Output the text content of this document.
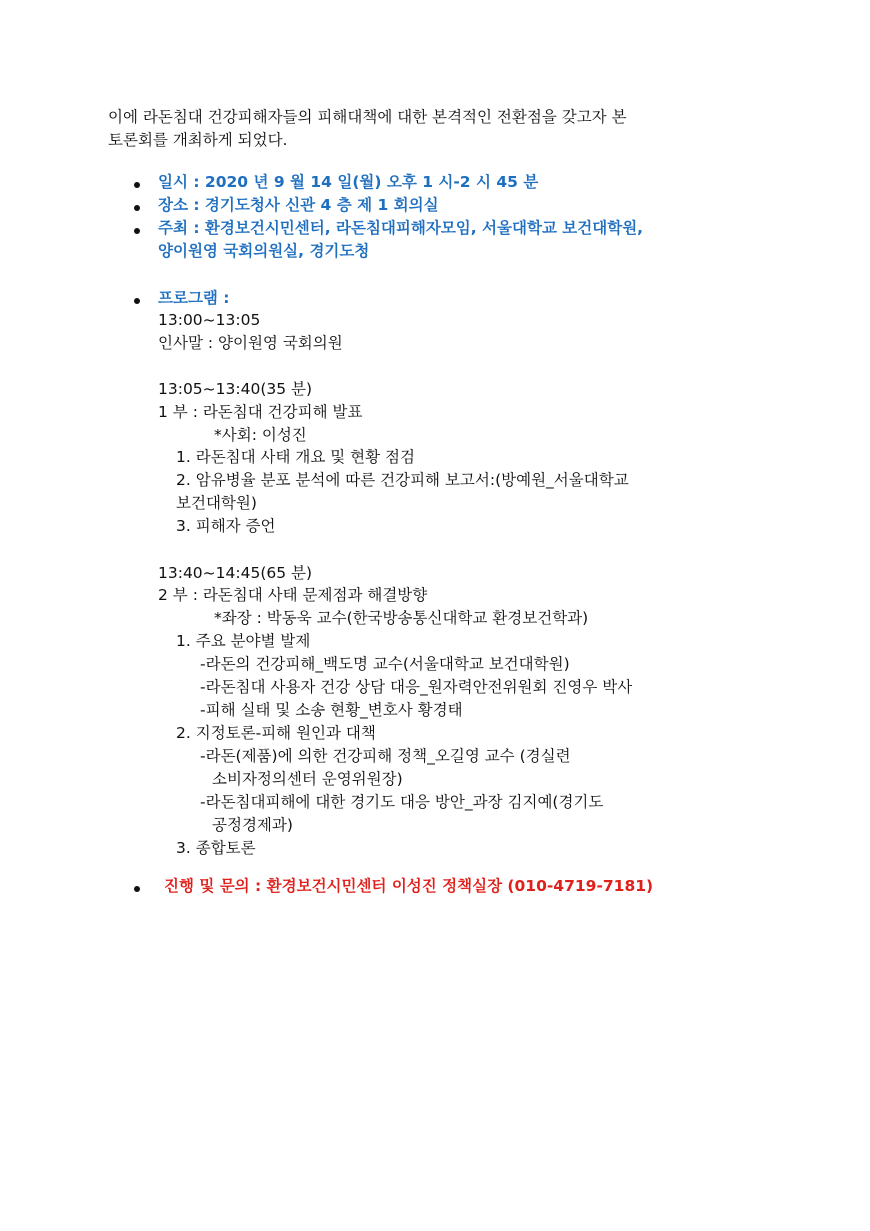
이에 라돈침대 건강피해자들의 피해대책에 대한 본격적인 전환점을 갖고자 본
토론회를 개최하게 되었다.
일시 : 2020 년 9 월 14 일(월) 오후 1 시-2 시 45 분
장소 : 경기도청사 신관 4 층 제 1 회의실
주최 : 환경보건시민센터, 라돈침대피해자모임, 서울대학교 보건대학원,
양이원영 국회의원실, 경기도청
프로그램 :
13:00~13:05
인사말 : 양이원영 국회의원
13:05~13:40(35 분)
1 부 : 라돈침대 건강피해 발표
*사회: 이성진
1. 라돈침대 사태 개요 및 현황 점검
2. 암유병율 분포 분석에 따른 건강피해 보고서:(방예원_서울대학교
보건대학원)
3. 피해자 증언
13:40~14:45(65 분)
2 부 : 라돈침대 사태 문제점과 해결방향
*좌장 : 박동욱 교수(한국방송통신대학교 환경보건학과)
1. 주요 분야별 발제
-라돈의 건강피해_백도명 교수(서울대학교 보건대학원)
-라돈침대 사용자 건강 상담 대응_원자력안전위원회 진영우 박사
-피해 실태 및 소송 현황_변호사 황경태
2. 지정토론-피해 원인과 대책
-라돈(제품)에 의한 건강피해 정책_오길영 교수 (경실련
소비자정의센터 운영위원장)
-라돈침대피해에 대한 경기도 대응 방안_과장 김지예(경기도
공정경제과)
3. 종합토론
진행 및 문의 : 환경보건시민센터 이성진 정책실장 (010-4719-7181)
